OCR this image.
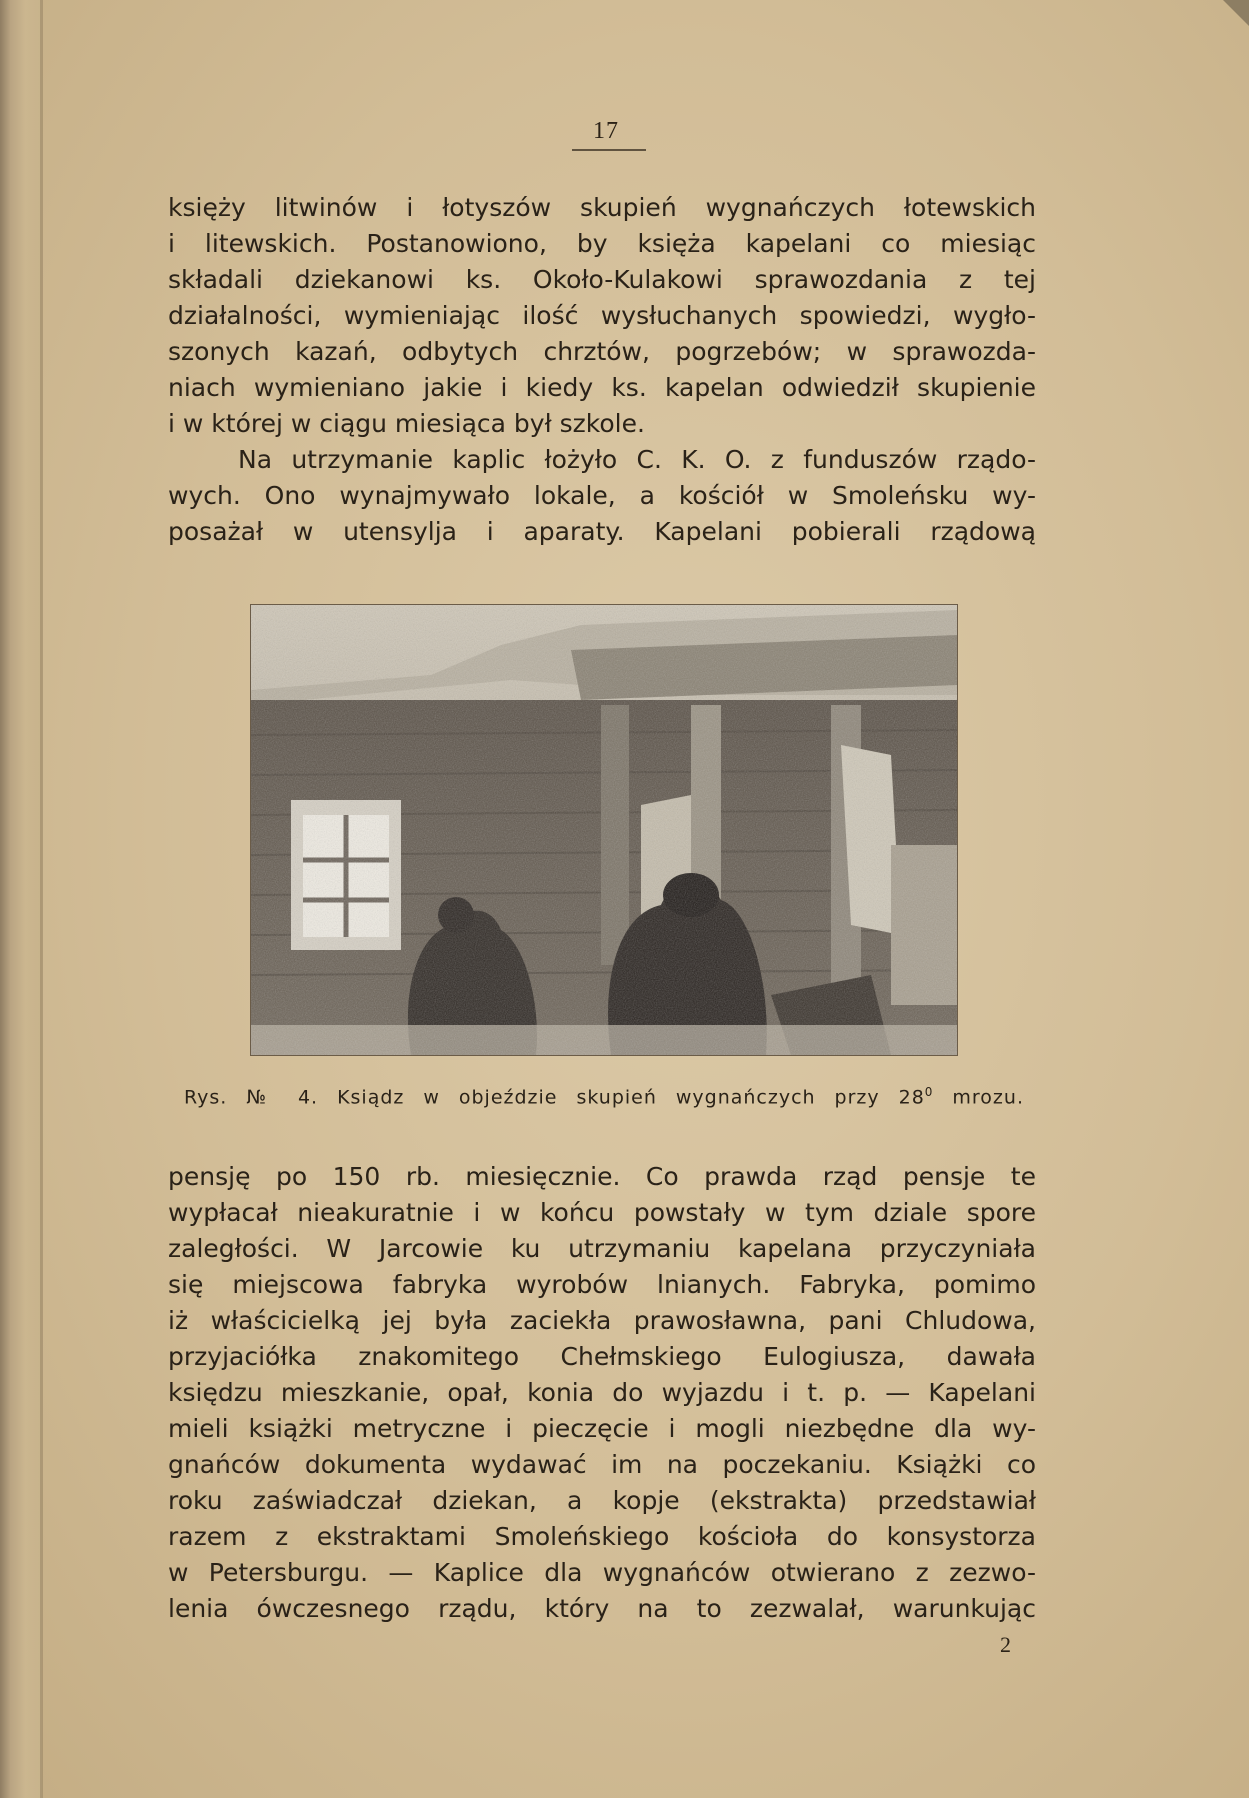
17
księży litwinów i łotyszów skupień wygnańczych łotewskich
i litewskich. Postanowiono, by księża kapelani co miesiąc
składali dziekanowi ks. Około-Kulakowi sprawozdania z tej
działalności, wymieniając ilość wysłuchanych spowiedzi, wygło-
szonych kazań, odbytych chrztów, pogrzebów; w sprawozda-
niach wymieniano jakie i kiedy ks. kapelan odwiedził skupienie
i w której w ciągu miesiąca był szkole.
Na utrzymanie kaplic łożyło C. K. O. z funduszów rządo-
wych. Ono wynajmywało lokale, a kościół w Smoleńsku wy-
posażał w utensylja i aparaty. Kapelani pobierali rządową
Rys. № 4. Ksiądz w objeździe skupień wygnańczych przy $28^0$ mrozu.
pensję po 150 rb. miesięcznie. Co prawda rząd pensje te
wypłacał nieakuratnie i w końcu powstały w tym dziale spore
zaległości. W Jarcowie ku utrzymaniu kapelana przyczyniała
się miejscowa fabryka wyrobów lnianych. Fabryka, pomimo
iż właścicielką jej była zaciekła prawosławna, pani Chludowa,
przyjaciółka znakomitego Chełmskiego Eulogiusza, dawała
księdzu mieszkanie, opał, konia do wyjazdu i t. p. — Kapelani
mieli książki metryczne i pieczęcie i mogli niezbędne dla wy-
gnańców dokumenta wydawać im na poczekaniu. Książki co
roku zaświadczał dziekan, a kopje (ekstrakta) przedstawiał
razem z ekstraktami Smoleńskiego kościoła do konsystorza
w Petersburgu. — Kaplice dla wygnańców otwierano z zezwo-
lenia ówczesnego rządu, który na to zezwalał, warunkując
2
